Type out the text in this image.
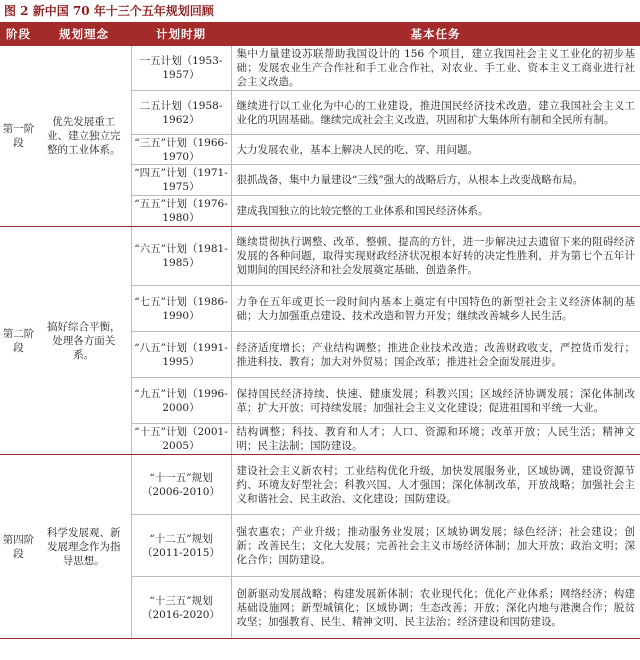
图 2 新中国 70 年十三个五年规划回顾
阶段	规划理念	计划时期	基本任务
第一阶段	优先发展重工业、建立独立完整的工业体系。	一五计划（1953-1957）	集中力量建设苏联帮助我国设计的 156 个项目，建立我国社会主义工业化的初步基础；发展农业生产合作社和手工业合作社，对农业、手工业、资本主义工商业进行社会主义改造。
		二五计划（1958-1962）	继续进行以工业化为中心的工业建设，推进国民经济技术改造，建立我国社会主义工业化的巩固基础。继续完成社会主义改造，巩固和扩大集体所有制和全民所有制。
		“三五”计划（1966-1970）	大力发展农业，基本上解决人民的吃、穿、用问题。
		“四五”计划（1971-1975）	狠抓战备，集中力量建设“三线”强大的战略后方，从根本上改变战略布局。
		“五五”计划（1976-1980）	建成我国独立的比较完整的工业体系和国民经济体系。
第二阶段	搞好综合平衡，处理各方面关系。	“六五”计划（1981-1985）	继续贯彻执行调整、改革、整顿、提高的方针，进一步解决过去遗留下来的阻碍经济发展的各种问题，取得实现财政经济状况根本好转的决定性胜利，并为第七个五年计划期间的国民经济和社会发展奠定基础、创造条件。
		“七五”计划（1986-1990）	力争在五年或更长一段时间内基本上奠定有中国特色的新型社会主义经济体制的基础；大力加强重点建设、技术改造和智力开发；继续改善城乡人民生活。
		“八五”计划（1991-1995）	经济适度增长；产业结构调整；推进企业技术改造；改善财政收支，严控货币发行；推进科技、教育；加大对外贸易；国企改革；推进社会全面发展进步。
		“九五”计划（1996-2000）	保持国民经济持续、快速、健康发展；科教兴国；区域经济协调发展；深化体制改革；扩大开放；可持续发展；加强社会主义文化建设；促进祖国和平统一大业。
		“十五”计划（2001-2005）	结构调整；科技、教育和人才；人口、资源和环境；改革开放；人民生活；精神文明；民主法制；国防建设。
第四阶段	科学发展观、新发展理念作为指导思想。	“十一五”规划（2006-2010）	建设社会主义新农村；工业结构优化升级，加快发展服务业，区域协调，建设资源节约、环境友好型社会；科教兴国、人才强国；深化体制改革，开放战略；加强社会主义和谐社会、民主政治、文化建设；国防建设。
		“十二五”规划（2011-2015）	强农惠农；产业升级；推动服务业发展；区域协调发展；绿色经济；社会建设；创新；改善民生；文化大发展；完善社会主义市场经济体制；加大开放；政治文明；深化合作；国防建设。
		“十三五”规划（2016-2020）	创新驱动发展战略；构建发展新体制；农业现代化；优化产业体系；网络经济；构建基础设施网；新型城镇化；区域协调；生态改善；开放；深化内地与港澳合作；脱贫攻坚；加强教育、民生、精神文明、民主法治；经济建设和国防建设。
